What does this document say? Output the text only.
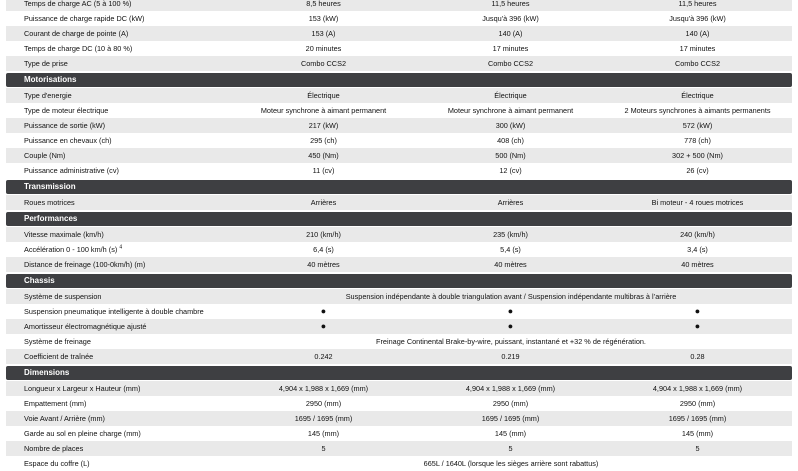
Temps de charge AC (5 à 100 %)	8,5 heures	11,5 heures	11,5 heures
Puissance de charge rapide DC (kW)	153 (kW)	Jusqu'à 396 (kW)	Jusqu'à 396 (kW)
Courant de charge de pointe (A)	153 (A)	140 (A)	140 (A)
Temps de charge DC (10 à 80 %)	20 minutes	17 minutes	17 minutes
Type de prise	Combo CCS2	Combo CCS2	Combo CCS2
Motorisations
Type d'energie	Électrique	Électrique	Électrique
Type de moteur électrique	Moteur synchrone à aimant permanent	Moteur synchrone à aimant permanent	2 Moteurs synchrones à aimants permanents
Puissance de sortie (kW)	217 (kW)	300 (kW)	572 (kW)
Puissance en chevaux (ch)	295 (ch)	408 (ch)	778 (ch)
Couple (Nm)	450 (Nm)	500 (Nm)	302 + 500 (Nm)
Puissance administrative (cv)	11 (cv)	12 (cv)	26 (cv)
Transmission
Roues motrices	Arrières	Arrières	Bi moteur - 4 roues motrices
Performances
Vitesse maximale (km/h)	210 (km/h)	235 (km/h)	240 (km/h)
Accélération 0 - 100 km/h (s) $^4$	6,4 (s)	5,4 (s)	3,4 (s)
Distance de freinage (100-0km/h) (m)	40 mètres	40 mètres	40 mètres
Chassis
Système de suspension	Suspension indépendante à double triangulation avant / Suspension indépendante multibras à l’arrière
Suspension pneumatique intelligente à double chambre	●	●	●
Amortisseur électromagnétique ajusté	●	●	●
Système de freinage	Freinage Continental Brake-by-wire, puissant, instantané et +32 % de régénération.
Coefficient de traînée	0.242	0.219	0.28
Dimensions
Longueur x Largeur x Hauteur (mm)	4,904 x 1,988 x 1,669 (mm)	4,904 x 1,988 x 1,669 (mm)	4,904 x 1,988 x 1,669 (mm)
Empattement (mm)	2950 (mm)	2950 (mm)	2950 (mm)
Voie Avant / Arrière (mm)	1695 / 1695 (mm)	1695 / 1695 (mm)	1695 / 1695 (mm)
Garde au sol en pleine charge (mm)	145 (mm)	145 (mm)	145 (mm)
Nombre de places	5	5	5
Espace du coffre (L)	665L / 1640L (lorsque les sièges arrière sont rabattus)
